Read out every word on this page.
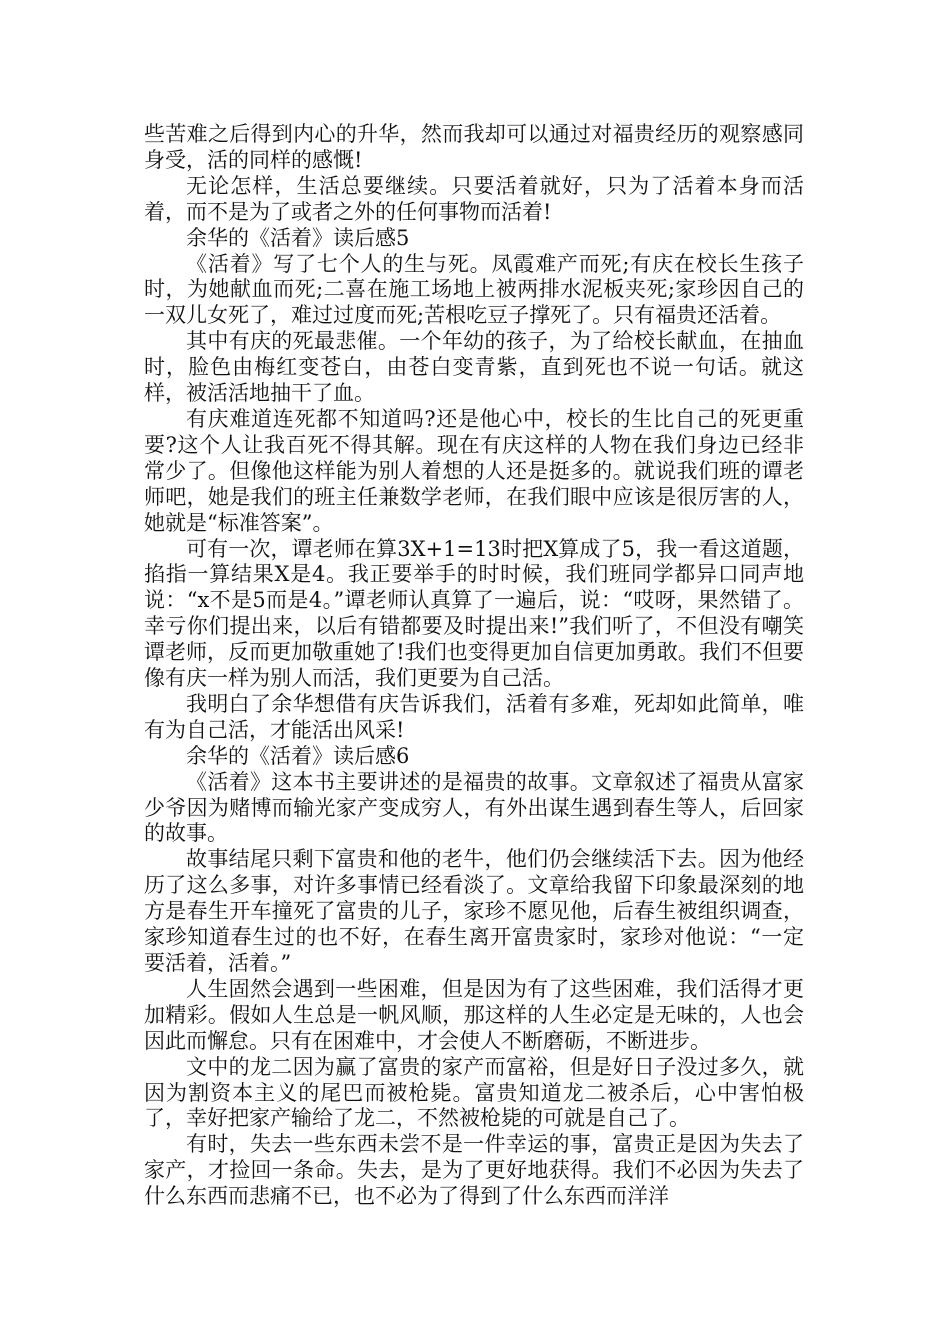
些苦难之后得到内心的升华，然而我却可以通过对福贵经历的观察感同身受，活的同样的感慨!

无论怎样，生活总要继续。只要活着就好，只为了活着本身而活着，而不是为了或者之外的任何事物而活着!

余华的《活着》读后感5

《活着》写了七个人的生与死。凤霞难产而死;有庆在校长生孩子时，为她献血而死;二喜在施工场地上被两排水泥板夹死;家珍因自己的一双儿女死了，难过过度而死;苦根吃豆子撑死了。只有福贵还活着。

其中有庆的死最悲催。一个年幼的孩子，为了给校长献血，在抽血时，脸色由梅红变苍白，由苍白变青紫，直到死也不说一句话。就这样，被活活地抽干了血。

有庆难道连死都不知道吗?还是他心中，校长的生比自己的死更重要?这个人让我百死不得其解。现在有庆这样的人物在我们身边已经非常少了。但像他这样能为别人着想的人还是挺多的。就说我们班的谭老师吧，她是我们的班主任兼数学老师，在我们眼中应该是很厉害的人，她就是“标准答案”。

可有一次，谭老师在算3X+1=13时把X算成了5，我一看这道题，掐指一算结果X是4。我正要举手的时时候，我们班同学都异口同声地说：“x不是5而是4。”谭老师认真算了一遍后，说：“哎呀，果然错了。幸亏你们提出来，以后有错都要及时提出来!”我们听了，不但没有嘲笑谭老师，反而更加敬重她了!我们也变得更加自信更加勇敢。我们不但要像有庆一样为别人而活，我们更要为自己活。

我明白了余华想借有庆告诉我们，活着有多难，死却如此简单，唯有为自己活，才能活出风采!

余华的《活着》读后感6

《活着》这本书主要讲述的是福贵的故事。文章叙述了福贵从富家少爷因为赌博而输光家产变成穷人，有外出谋生遇到春生等人，后回家的故事。

故事结尾只剩下富贵和他的老牛，他们仍会继续活下去。因为他经历了这么多事，对许多事情已经看淡了。文章给我留下印象最深刻的地方是春生开车撞死了富贵的儿子，家珍不愿见他，后春生被组织调查，家珍知道春生过的也不好，在春生离开富贵家时，家珍对他说：“一定要活着，活着。”

人生固然会遇到一些困难，但是因为有了这些困难，我们活得才更加精彩。假如人生总是一帆风顺，那这样的人生必定是无味的，人也会因此而懈怠。只有在困难中，才会使人不断磨砺，不断进步。

文中的龙二因为赢了富贵的家产而富裕，但是好日子没过多久，就因为割资本主义的尾巴而被枪毙。富贵知道龙二被杀后，心中害怕极了，幸好把家产输给了龙二，不然被枪毙的可就是自己了。

有时，失去一些东西未尝不是一件幸运的事，富贵正是因为失去了家产，才捡回一条命。失去，是为了更好地获得。我们不必因为失去了什么东西而悲痛不已，也不必为了得到了什么东西而洋洋
